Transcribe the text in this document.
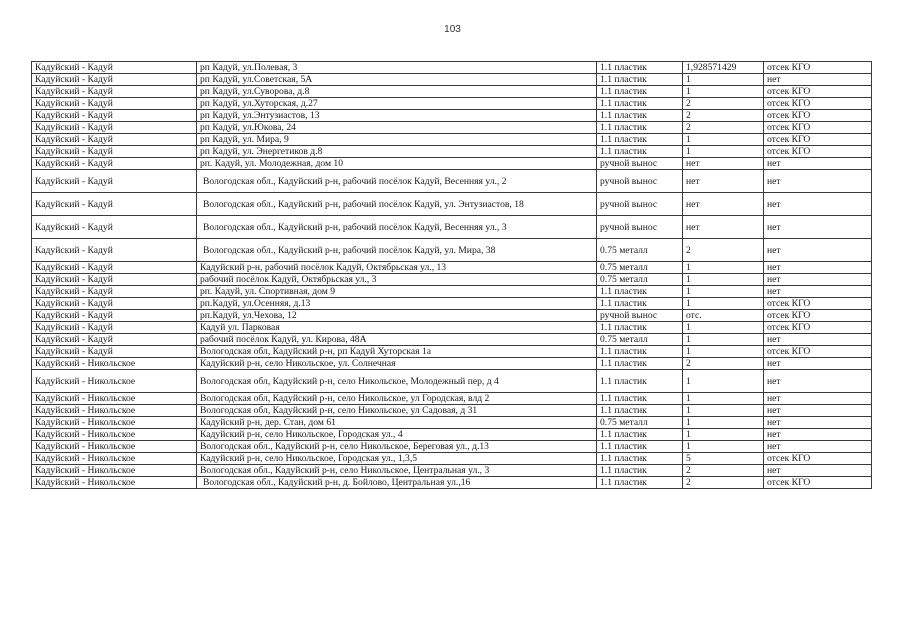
103
Кадуйский - Кадуй	рп Кадуй, ул.Полевая, 3	1.1 пластик	1,928571429	отсек КГО
Кадуйский - Кадуй	рп Кадуй, ул.Советская, 5А	1.1 пластик	1	нет
Кадуйский - Кадуй	рп Кадуй, ул.Суворова, д.8	1.1 пластик	1	отсек КГО
Кадуйский - Кадуй	рп Кадуй, ул.Хуторская, д.27	1.1 пластик	2	отсек КГО
Кадуйский - Кадуй	рп Кадуй, ул.Энтузиастов, 13	1.1 пластик	2	отсек КГО
Кадуйский - Кадуй	рп Кадуй, ул.Юкова, 24	1.1 пластик	2	отсек КГО
Кадуйский - Кадуй	рп Кадуй, ул. Мира, 9	1.1 пластик	1	отсек КГО
Кадуйский - Кадуй	рп Кадуй, ул. Энергетиков д.8	1.1 пластик	1	отсек КГО
Кадуйский - Кадуй	рп. Кадуй, ул. Молодежная, дом 10	ручной вынос	нет	нет
Кадуйский - Кадуй	Вологодская обл., Кадуйский р-н, рабочий посёлок Кадуй, Весенняя ул., 2	ручной вынос	нет	нет
Кадуйский - Кадуй	Вологодская обл., Кадуйский р-н, рабочий посёлок Кадуй, ул. Энтузиастов, 18	ручной вынос	нет	нет
Кадуйский - Кадуй	Вологодская обл., Кадуйский р-н, рабочий посёлок Кадуй, Весенняя ул., 3	ручной вынос	нет	нет
Кадуйский - Кадуй	Вологодская обл., Кадуйский р-н, рабочий посёлок Кадуй, ул. Мира, 38	0.75 металл	2	нет
Кадуйский - Кадуй	Кадуйский р-н, рабочий посёлок Кадуй, Октябрьская ул., 13	0.75 металл	1	нет
Кадуйский - Кадуй	рабочий посёлок Кадуй, Октябрьская ул., 3	0.75 металл	1	нет
Кадуйский - Кадуй	рп. Кадуй, ул. Спортивная, дом 9	1.1 пластик	1	нет
Кадуйский - Кадуй	рп.Кадуй, ул.Осенняя, д.13	1.1 пластик	1	отсек КГО
Кадуйский - Кадуй	рп.Кадуй, ул.Чехова, 12	ручной вынос	отс.	отсек КГО
Кадуйский - Кадуй	Кадуй ул. Парковая	1.1 пластик	1	отсек КГО
Кадуйский - Кадуй	рабочий посёлок Кадуй, ул. Кирова, 48А	0.75 металл	1	нет
Кадуйский - Кадуй	Вологодская обл, Кадуйский р-н, рп Кадуй Хуторская 1а	1.1 пластик	1	отсек КГО
Кадуйский - Никольское	Кадуйский р-н, село Никольское, ул. Солнечная	1.1 пластик	2	нет
Кадуйский - Никольское	Вологодская обл, Кадуйский р-н, село Никольское, Молодежный пер, д 4	1.1 пластик	1	нет
Кадуйский - Никольское	Вологодская обл, Кадуйский р-н, село Никольское, ул Городская, влд 2	1.1 пластик	1	нет
Кадуйский - Никольское	Вологодская обл, Кадуйский р-н, село Никольское, ул Садовая, д 31	1.1 пластик	1	нет
Кадуйский - Никольское	Кадуйский р-н, дер. Стан, дом 61	0.75 металл	1	нет
Кадуйский - Никольское	Кадуйский р-н, село Никольское, Городская ул., 4	1.1 пластик	1	нет
Кадуйский - Никольское	Вологодская обл., Кадуйский р-н, село Никольское, Береговая ул., д.13	1.1 пластик	1	нет
Кадуйский - Никольское	Кадуйский р-н, село Никольское, Городская ул., 1,3,5	1.1 пластик	5	отсек КГО
Кадуйский - Никольское	Вологодская обл., Кадуйский р-н, село Никольское, Центральная ул., 3	1.1 пластик	2	нет
Кадуйский - Никольское	Вологодская обл., Кадуйский р-н, д. Бойлово, Центральная ул.,16	1.1 пластик	2	отсек КГО
